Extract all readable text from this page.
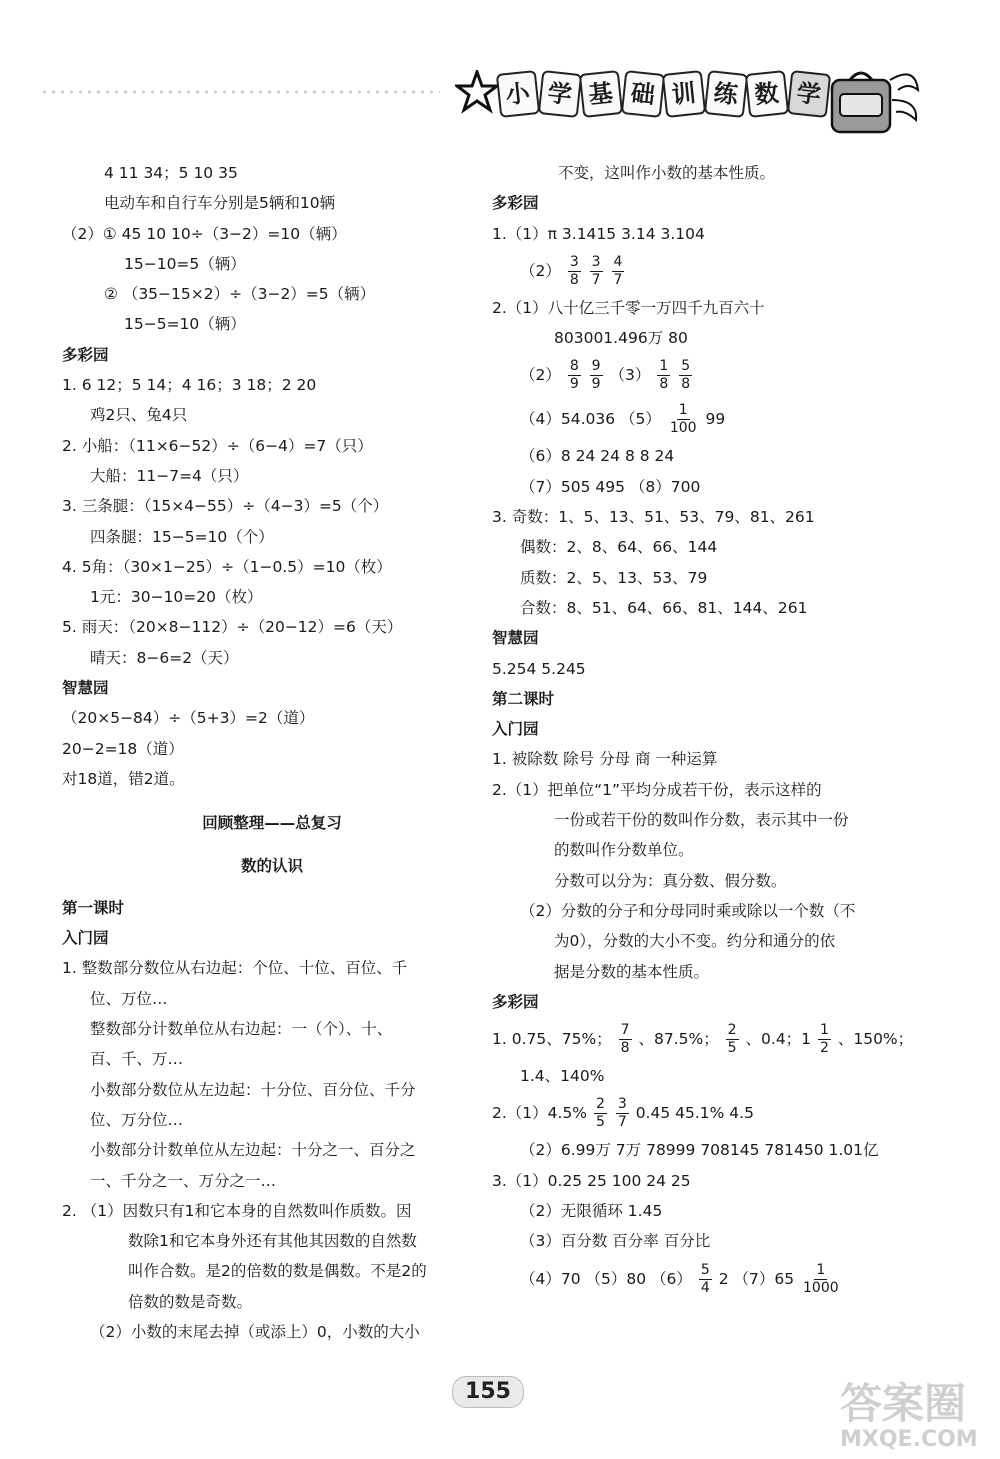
小 学 基 础 训 练 数 学
4 11 34；5 10 35
电动车和自行车分别是5辆和10辆
（2）① 45 10 10÷（3−2）=10（辆）
15−10=5（辆）
② （35−15×2）÷（3−2）=5（辆）
15−5=10（辆）
多彩园
1. 6 12；5 14；4 16；3 18；2 20
鸡2只、兔4只
2. 小船：（11×6−52）÷（6−4）=7（只）
大船：11−7=4（只）
3. 三条腿：（15×4−55）÷（4−3）=5（个）
四条腿：15−5=10（个）
4. 5角：（30×1−25）÷（1−0.5）=10（枚）
1元：30−10=20（枚）
5. 雨天：（20×8−112）÷（20−12）=6（天）
晴天：8−6=2（天）
智慧园
（20×5−84）÷（5+3）=2（道）
20−2=18（道）
对18道，错2道。
回顾整理——总复习
数的认识
第一课时
入门园
1. 整数部分数位从右边起：个位、十位、百位、千
位、万位…
整数部分计数单位从右边起：一（个）、十、
百、千、万…
小数部分数位从左边起：十分位、百分位、千分
位、万分位…
小数部分计数单位从左边起：十分之一、百分之
一、千分之一、万分之一…
2. （1）因数只有1和它本身的自然数叫作质数。因
数除1和它本身外还有其他其因数的自然数
叫作合数。是2的倍数的数是偶数。不是2的
倍数的数是奇数。
（2）小数的末尾去掉（或添上）0，小数的大小
不变，这叫作小数的基本性质。
多彩园
1.（1）π 3.1415 3.14 3.104
$(2) \frac{3}{8}$
$\frac{3}{7}$
$\frac{4}{7}$
2.（1）八十亿三千零一万四千九百六十
803001.496万 80
$(2) \frac{8}{9}$
$\frac{9}{9} (3) \frac{1}{8}$
$\frac{5}{8}$
（4）54.036 $(5) \frac{1}{100} 99$
（6）8 24 24 8 8 24
（7）505 495 （8）700
3. 奇数：1、5、13、51、53、79、81、261
偶数：2、8、64、66、144
质数：2、5、13、53、79
合数：8、51、64、66、81、144、261
智慧园
5.254 5.245
第二课时
入门园
1. 被除数 除号 分母 商 一种运算
2.（1）把单位“1”平均分成若干份，表示这样的
一份或若干份的数叫作分数，表示其中一份
的数叫作分数单位。
分数可以分为：真分数、假分数。
（2）分数的分子和分母同时乘或除以一个数（不
为0），分数的大小不变。约分和通分的依
据是分数的基本性质。
多彩园
1. 0.75、75%； $\frac{7}{8}$ 、87.5%； $\frac{2}{5}$ 、0.4；$1 \frac{1}{2}$ 、150%；
1.4、140%
$2.(1)4.5\% \frac{2}{5}$
$\frac{3}{7} 0.45$ 45.1% 4.5
（2）6.99万 7万 78999 708145 781450 1.01亿
3.（1）0.25 25 100 24 25
（2）无限循环 1.45
（3）百分数 百分率 百分比
（4）70 （5）80 $(6) \frac{5}{4} 2$ $(7)65 \frac{1}{1000}$
155	答案圈
MXQE.COM
